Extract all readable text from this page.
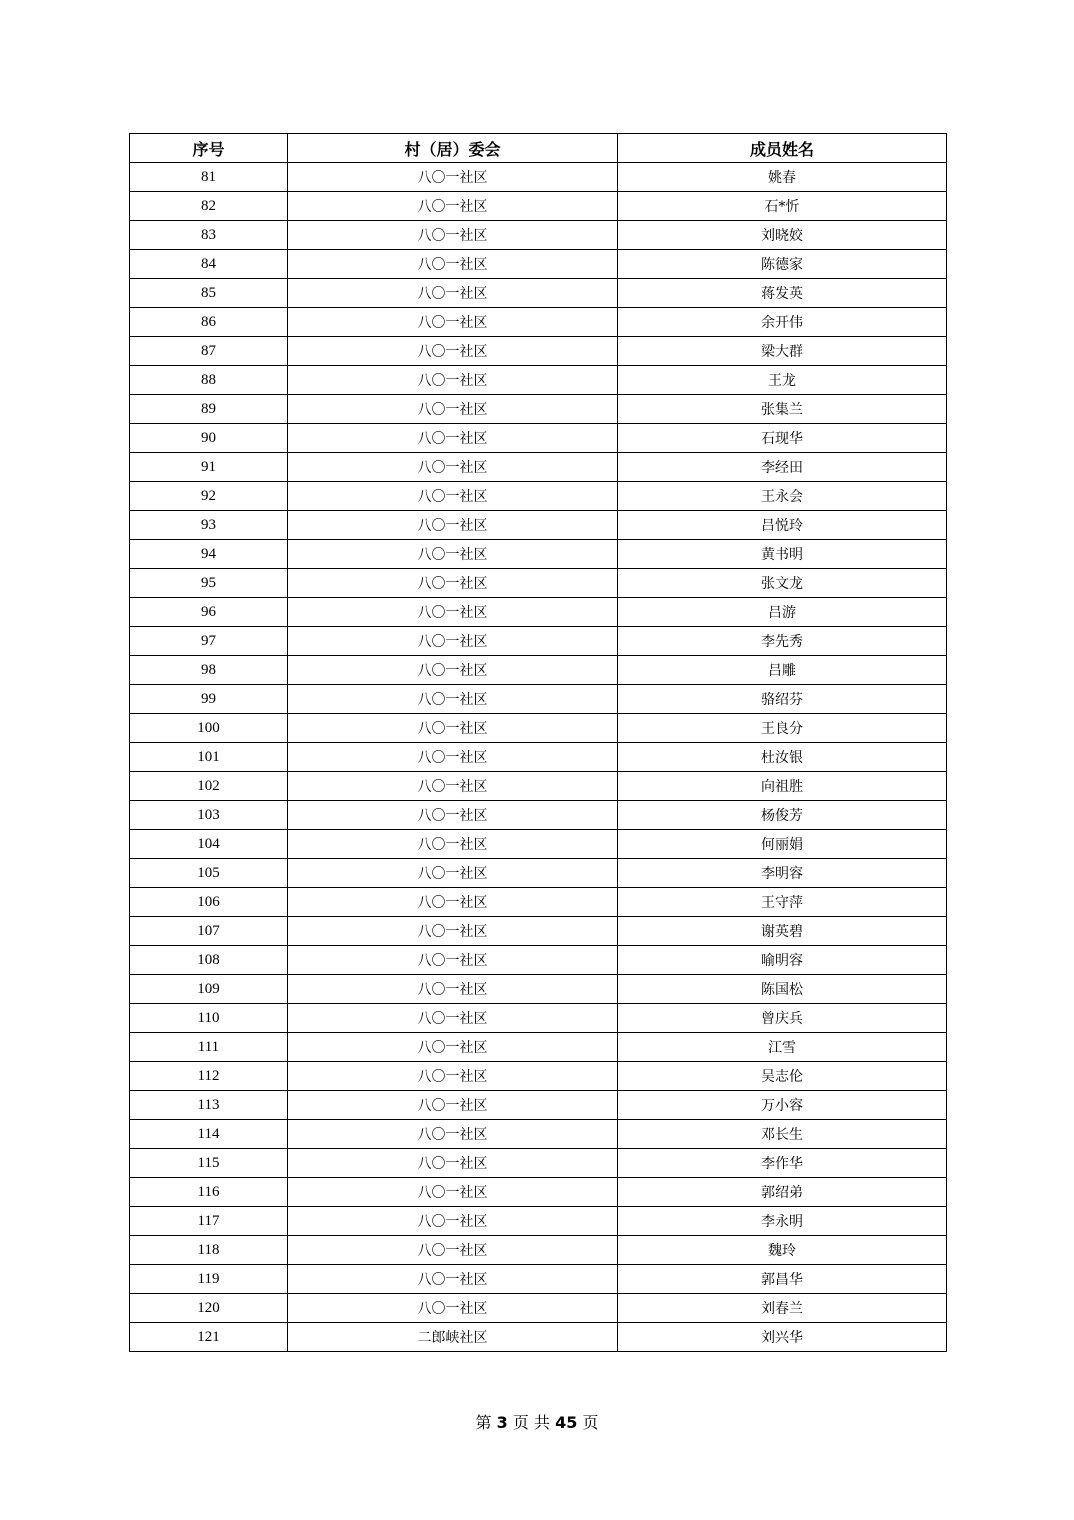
序号	村（居）委会	成员姓名
81	八〇一社区	姚春
82	八〇一社区	石*忻
83	八〇一社区	刘晓姣
84	八〇一社区	陈德家
85	八〇一社区	蒋发英
86	八〇一社区	余开伟
87	八〇一社区	梁大群
88	八〇一社区	王龙
89	八〇一社区	张集兰
90	八〇一社区	石现华
91	八〇一社区	李经田
92	八〇一社区	王永会
93	八〇一社区	吕悦玲
94	八〇一社区	黄书明
95	八〇一社区	张文龙
96	八〇一社区	吕游
97	八〇一社区	李先秀
98	八〇一社区	吕雕
99	八〇一社区	骆绍芬
100	八〇一社区	王良分
101	八〇一社区	杜汝银
102	八〇一社区	向祖胜
103	八〇一社区	杨俊芳
104	八〇一社区	何丽娟
105	八〇一社区	李明容
106	八〇一社区	王守萍
107	八〇一社区	谢英碧
108	八〇一社区	喻明容
109	八〇一社区	陈国松
110	八〇一社区	曾庆兵
111	八〇一社区	江雪
112	八〇一社区	吴志伦
113	八〇一社区	万小容
114	八〇一社区	邓长生
115	八〇一社区	李作华
116	八〇一社区	郭绍弟
117	八〇一社区	李永明
118	八〇一社区	魏玲
119	八〇一社区	郭昌华
120	八〇一社区	刘春兰
121	二郎峡社区	刘兴华
第 3 页 共 45 页
